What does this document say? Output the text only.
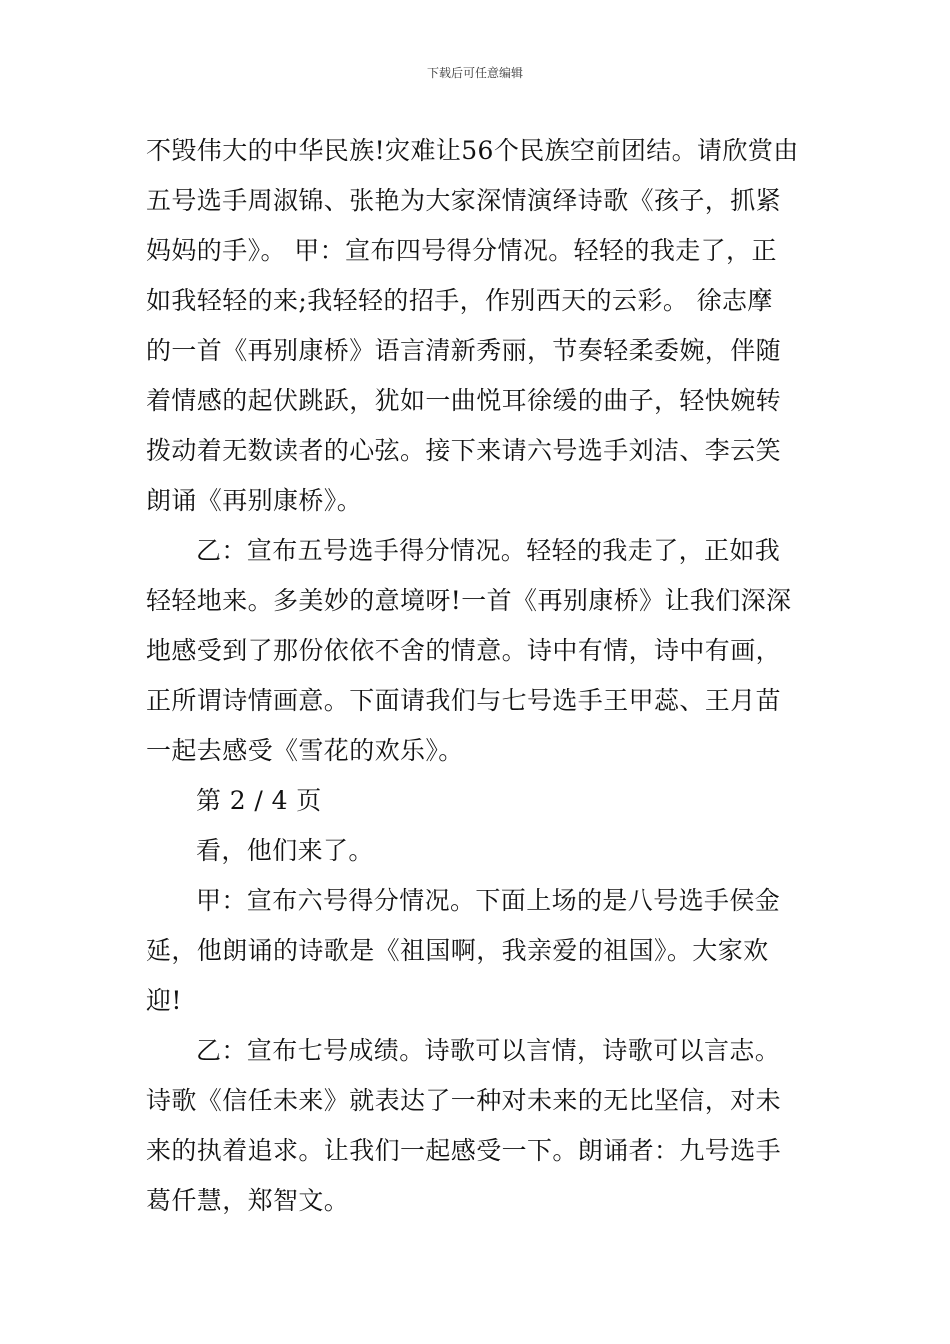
下载后可任意编辑
不毁伟大的中华民族!灾难让56个民族空前团结。请欣赏由
五号选手周淑锦、张艳为大家深情演绎诗歌《孩子，抓紧
妈妈的手》。 甲：宣布四号得分情况。轻轻的我走了，正
如我轻轻的来;我轻轻的招手，作别西天的云彩。 徐志摩
的一首《再别康桥》语言清新秀丽，节奏轻柔委婉，伴随
着情感的起伏跳跃，犹如一曲悦耳徐缓的曲子，轻快婉转
拨动着无数读者的心弦。接下来请六号选手刘洁、李云笑
朗诵《再别康桥》。
乙：宣布五号选手得分情况。轻轻的我走了，正如我
轻轻地来。多美妙的意境呀!一首《再别康桥》让我们深深
地感受到了那份依依不舍的情意。诗中有情，诗中有画，
正所谓诗情画意。下面请我们与七号选手王甲蕊、王月苗
一起去感受《雪花的欢乐》。
第 2 / 4 页
看，他们来了。
甲：宣布六号得分情况。下面上场的是八号选手侯金
延，他朗诵的诗歌是《祖国啊，我亲爱的祖国》。大家欢
迎!
乙：宣布七号成绩。诗歌可以言情，诗歌可以言志。
诗歌《信任未来》就表达了一种对未来的无比坚信，对未
来的执着追求。让我们一起感受一下。朗诵者：九号选手
葛仟慧，郑智文。
